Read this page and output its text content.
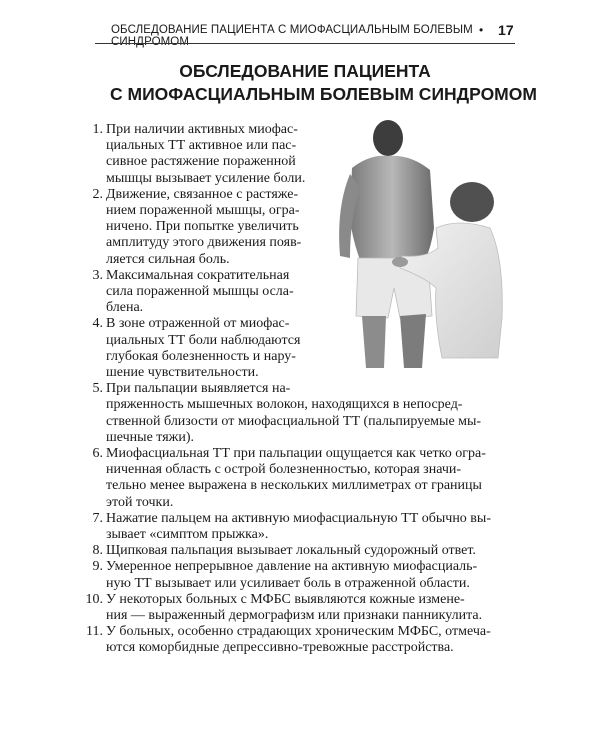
ОБСЛЕДОВАНИЕ ПАЦИЕНТА С МИОФАСЦИАЛЬНЫМ БОЛЕВЫМ СИНДРОМОМ
• 17
ОБСЛЕДОВАНИЕ ПАЦИЕНТА
С МИОФАСЦИАЛЬНЫМ БОЛЕВЫМ СИНДРОМОМ
1. При наличии активных миофас-
циальных ТТ активное или пас-
сивное растяжение пораженной
мышцы вызывает усиление боли.
2. Движение, связанное с растяже-
нием пораженной мышцы, огра-
ничено. При попытке увеличить
амплитуду этого движения появ-
ляется сильная боль.
3. Максимальная сократительная
сила пораженной мышцы осла-
блена.
4. В зоне отраженной от миофас-
циальных ТТ боли наблюдаются
глубокая болезненность и нару-
шение чувствительности.
5. При пальпации выявляется на-
пряженность мышечных волокон, находящихся в непосред-
ственной близости от миофасциальной ТТ (пальпируемые мы-
шечные тяжи).
6. Миофасциальная ТТ при пальпации ощущается как четко огра-
ниченная область с острой болезненностью, которая значи-
тельно менее выражена в нескольких миллиметрах от границы
этой точки.
7. Нажатие пальцем на активную миофасциальную ТТ обычно вы-
зывает «симптом прыжка».
8. Щипковая пальпация вызывает локальный судорожный ответ.
9. Умеренное непрерывное давление на активную миофасциаль-
ную ТТ вызывает или усиливает боль в отраженной области.
10. У некоторых больных с МФБС выявляются кожные измене-
ния — выраженный дермографизм или признаки панникулита.
11. У больных, особенно страдающих хроническим МФБС, отмеча-
ются коморбидные депрессивно-тревожные расстройства.
